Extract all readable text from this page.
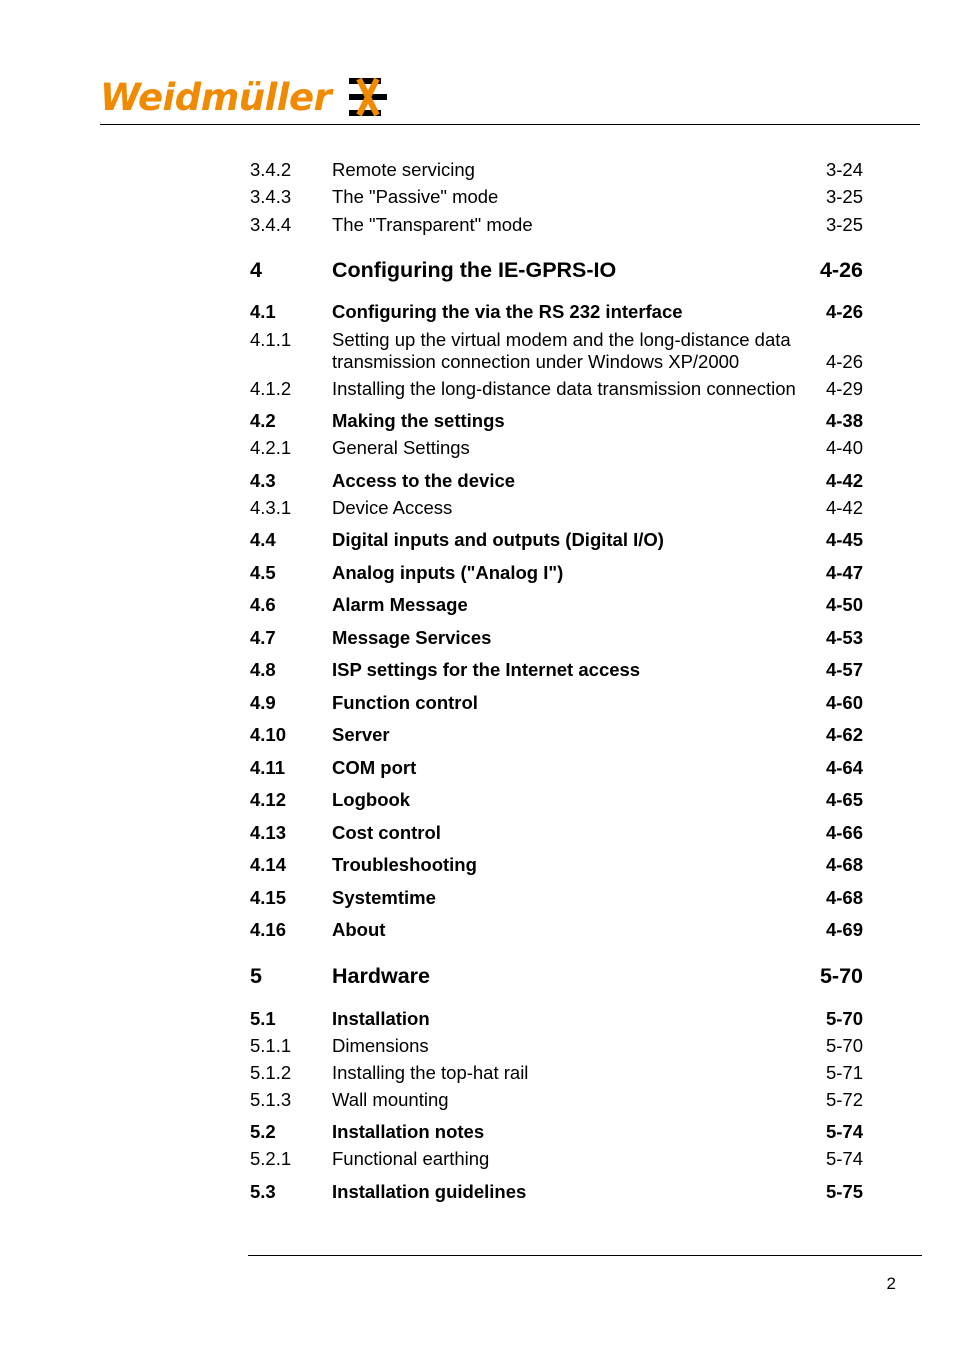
Weidmüller
3.4.2 Remote servicing	3-24
3.4.3 The "Passive" mode	3-25
3.4.4 The "Transparent" mode	3-25
4	Configuring the IE-GPRS-IO	4-26
4.1	Configuring the via the RS 232 interface	4-26
4.1.1 Setting up the virtual modem and the long-distance data
transmission connection under Windows XP/2000	4-26
4.1.2 Installing the long-distance data transmission connection	4-29
4.2	Making the settings	4-38
4.2.1 General Settings	4-40
4.3	Access to the device	4-42
4.3.1 Device Access	4-42
4.4	Digital inputs and outputs (Digital I/O)	4-45
4.5	Analog inputs ("Analog I")	4-47
4.6	Alarm Message	4-50
4.7	Message Services	4-53
4.8	ISP settings for the Internet access	4-57
4.9	Function control	4-60
4.10 Server	4-62
4.11	COM port	4-64
4.12 Logbook	4-65
4.13 Cost control	4-66
4.14 Troubleshooting	4-68
4.15 Systemtime	4-68
4.16 About	4-69
5	Hardware	5-70
5.1	Installation	5-70
5.1.1 Dimensions	5-70
5.1.2 Installing the top-hat rail	5-71
5.1.3 Wall mounting	5-72
5.2	Installation notes	5-74
5.2.1 Functional earthing	5-74
5.3	Installation guidelines	5-75
2
